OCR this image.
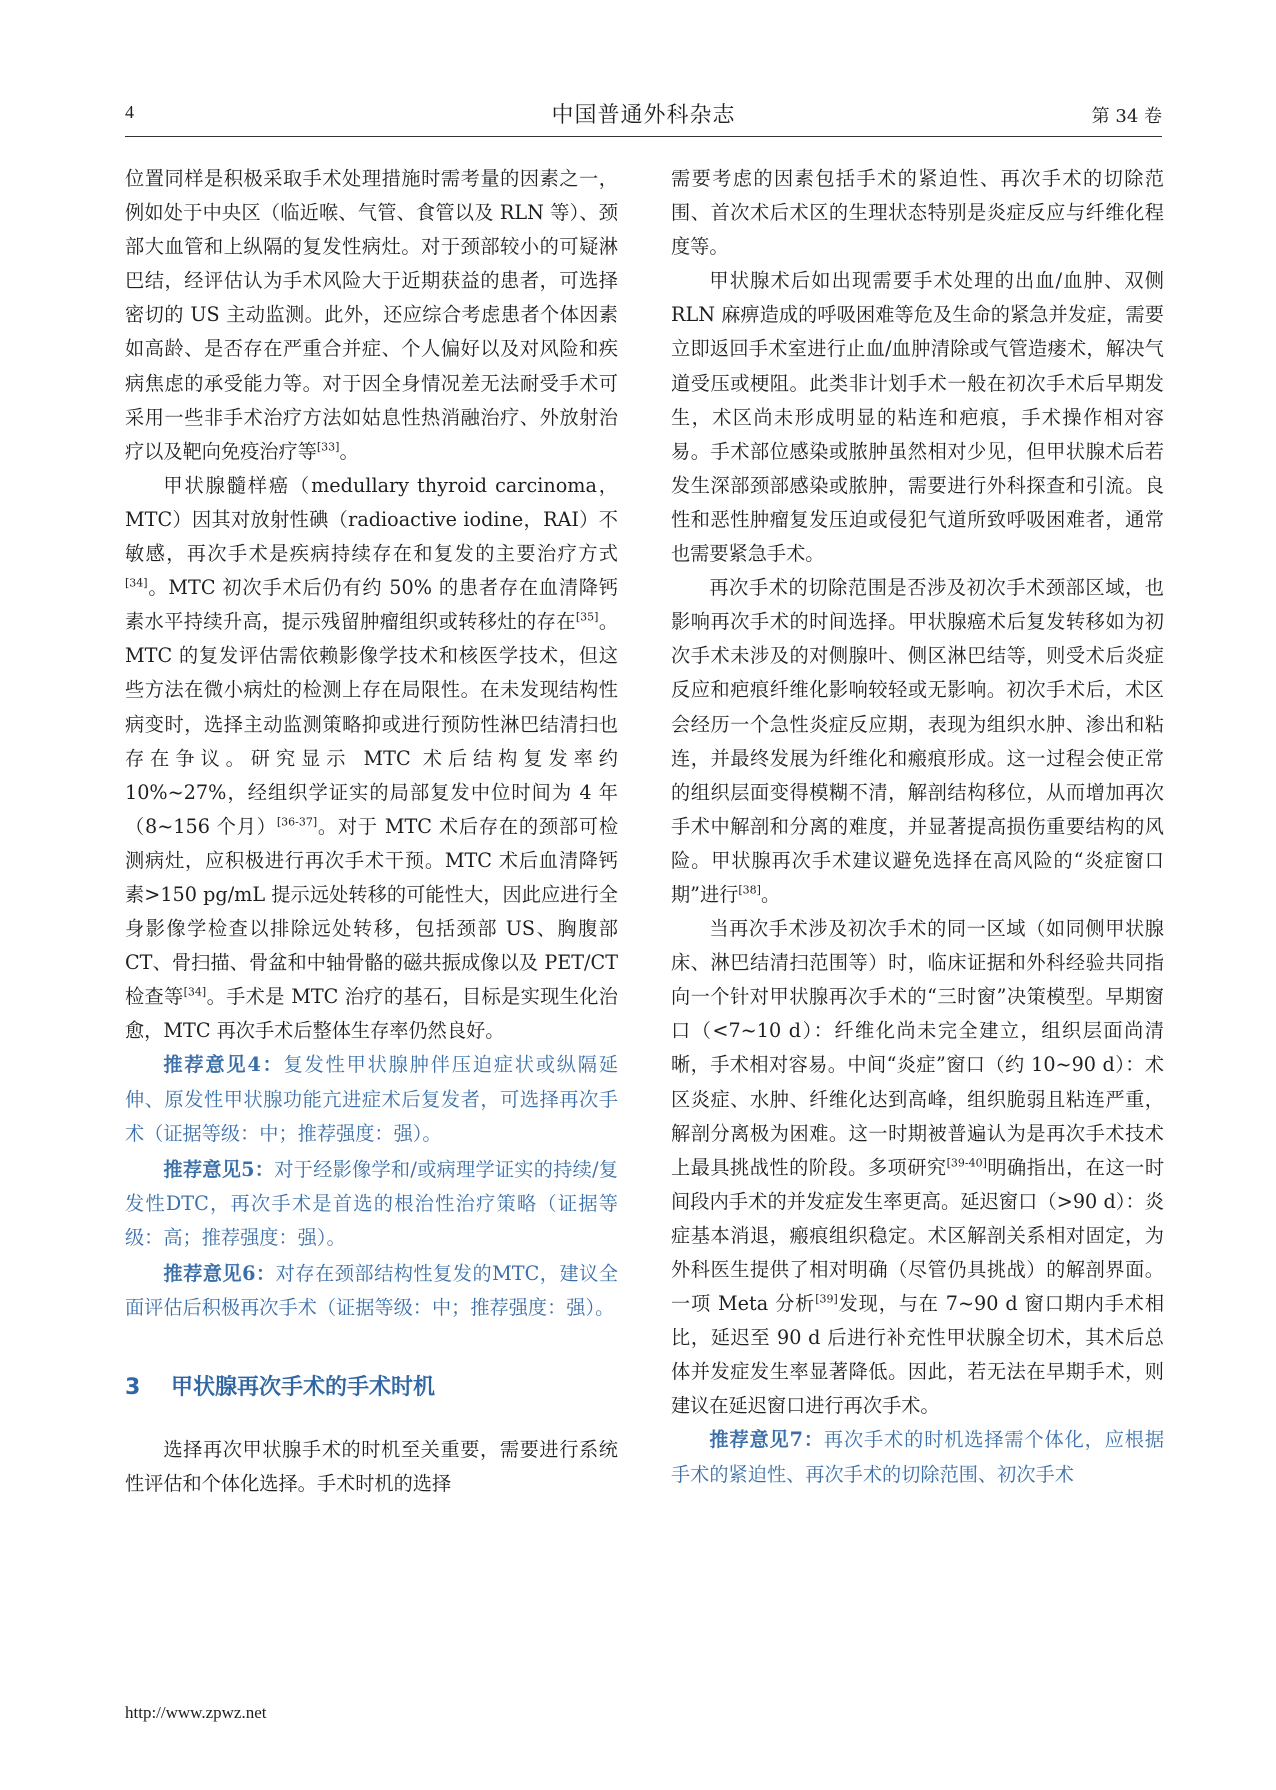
4	中国普通外科杂志	第 34 卷

位置同样是积极采取手术处理措施时需考量的因素之一，例如处于中央区（临近喉、气管、食管以及 RLN 等）、颈部大血管和上纵隔的复发性病灶。对于颈部较小的可疑淋巴结，经评估认为手术风险大于近期获益的患者，可选择密切的 US 主动监测。此外，还应综合考虑患者个体因素如高龄、是否存在严重合并症、个人偏好以及对风险和疾病焦虑的承受能力等。对于因全身情况差无法耐受手术可采用一些非手术治疗方法如姑息性热消融治疗、外放射治疗以及靶向免疫治疗等[33]。

甲状腺髓样癌（medullary thyroid carcinoma，MTC）因其对放射性碘（radioactive iodine，RAI）不敏感，再次手术是疾病持续存在和复发的主要治疗方式[34]。MTC 初次手术后仍有约 50% 的患者存在血清降钙素水平持续升高，提示残留肿瘤组织或转移灶的存在[35]。MTC 的复发评估需依赖影像学技术和核医学技术，但这些方法在微小病灶的检测上存在局限性。在未发现结构性病变时，选择主动监测策略抑或进行预防性淋巴结清扫也存在争议。研究显示 MTC 术后结构复发率约 10%~27%，经组织学证实的局部复发中位时间为 4 年（8~156 个月）[36-37]。对于 MTC 术后存在的颈部可检测病灶，应积极进行再次手术干预。MTC 术后血清降钙素>150 pg/mL 提示远处转移的可能性大，因此应进行全身影像学检查以排除远处转移，包括颈部 US、胸腹部 CT、骨扫描、骨盆和中轴骨骼的磁共振成像以及 PET/CT 检查等[34]。手术是 MTC 治疗的基石，目标是实现生化治愈，MTC 再次手术后整体生存率仍然良好。

推荐意见4：复发性甲状腺肿伴压迫症状或纵隔延伸、原发性甲状腺功能亢进症术后复发者，可选择再次手术（证据等级：中；推荐强度：强）。

推荐意见5：对于经影像学和/或病理学证实的持续/复发性DTC，再次手术是首选的根治性治疗策略（证据等级：高；推荐强度：强）。

推荐意见6：对存在颈部结构性复发的MTC，建议全面评估后积极再次手术（证据等级：中；推荐强度：强）。

3 甲状腺再次手术的手术时机

选择再次甲状腺手术的时机至关重要，需要进行系统性评估和个体化选择。手术时机的选择

需要考虑的因素包括手术的紧迫性、再次手术的切除范围、首次术后术区的生理状态特别是炎症反应与纤维化程度等。

甲状腺术后如出现需要手术处理的出血/血肿、双侧 RLN 麻痹造成的呼吸困难等危及生命的紧急并发症，需要立即返回手术室进行止血/血肿清除或气管造瘘术，解决气道受压或梗阻。此类非计划手术一般在初次手术后早期发生，术区尚未形成明显的粘连和疤痕，手术操作相对容易。手术部位感染或脓肿虽然相对少见，但甲状腺术后若发生深部颈部感染或脓肿，需要进行外科探查和引流。良性和恶性肿瘤复发压迫或侵犯气道所致呼吸困难者，通常也需要紧急手术。

再次手术的切除范围是否涉及初次手术颈部区域，也影响再次手术的时间选择。甲状腺癌术后复发转移如为初次手术未涉及的对侧腺叶、侧区淋巴结等，则受术后炎症反应和疤痕纤维化影响较轻或无影响。初次手术后，术区会经历一个急性炎症反应期，表现为组织水肿、渗出和粘连，并最终发展为纤维化和瘢痕形成。这一过程会使正常的组织层面变得模糊不清，解剖结构移位，从而增加再次手术中解剖和分离的难度，并显著提高损伤重要结构的风险。甲状腺再次手术建议避免选择在高风险的“炎症窗口期”进行[38]。

当再次手术涉及初次手术的同一区域（如同侧甲状腺床、淋巴结清扫范围等）时，临床证据和外科经验共同指向一个针对甲状腺再次手术的“三时窗”决策模型。早期窗口（<7~10 d）：纤维化尚未完全建立，组织层面尚清晰，手术相对容易。中间“炎症”窗口（约 10~90 d）：术区炎症、水肿、纤维化达到高峰，组织脆弱且粘连严重，解剖分离极为困难。这一时期被普遍认为是再次手术技术上最具挑战性的阶段。多项研究[39-40]明确指出，在这一时间段内手术的并发症发生率更高。延迟窗口（>90 d）：炎症基本消退，瘢痕组织稳定。术区解剖关系相对固定，为外科医生提供了相对明确（尽管仍具挑战）的解剖界面。一项 Meta 分析[39]发现，与在 7~90 d 窗口期内手术相比，延迟至 90 d 后进行补充性甲状腺全切术，其术后总体并发症发生率显著降低。因此，若无法在早期手术，则建议在延迟窗口进行再次手术。

推荐意见7：再次手术的时机选择需个体化，应根据手术的紧迫性、再次手术的切除范围、初次手术

http://www.zpwz.net
